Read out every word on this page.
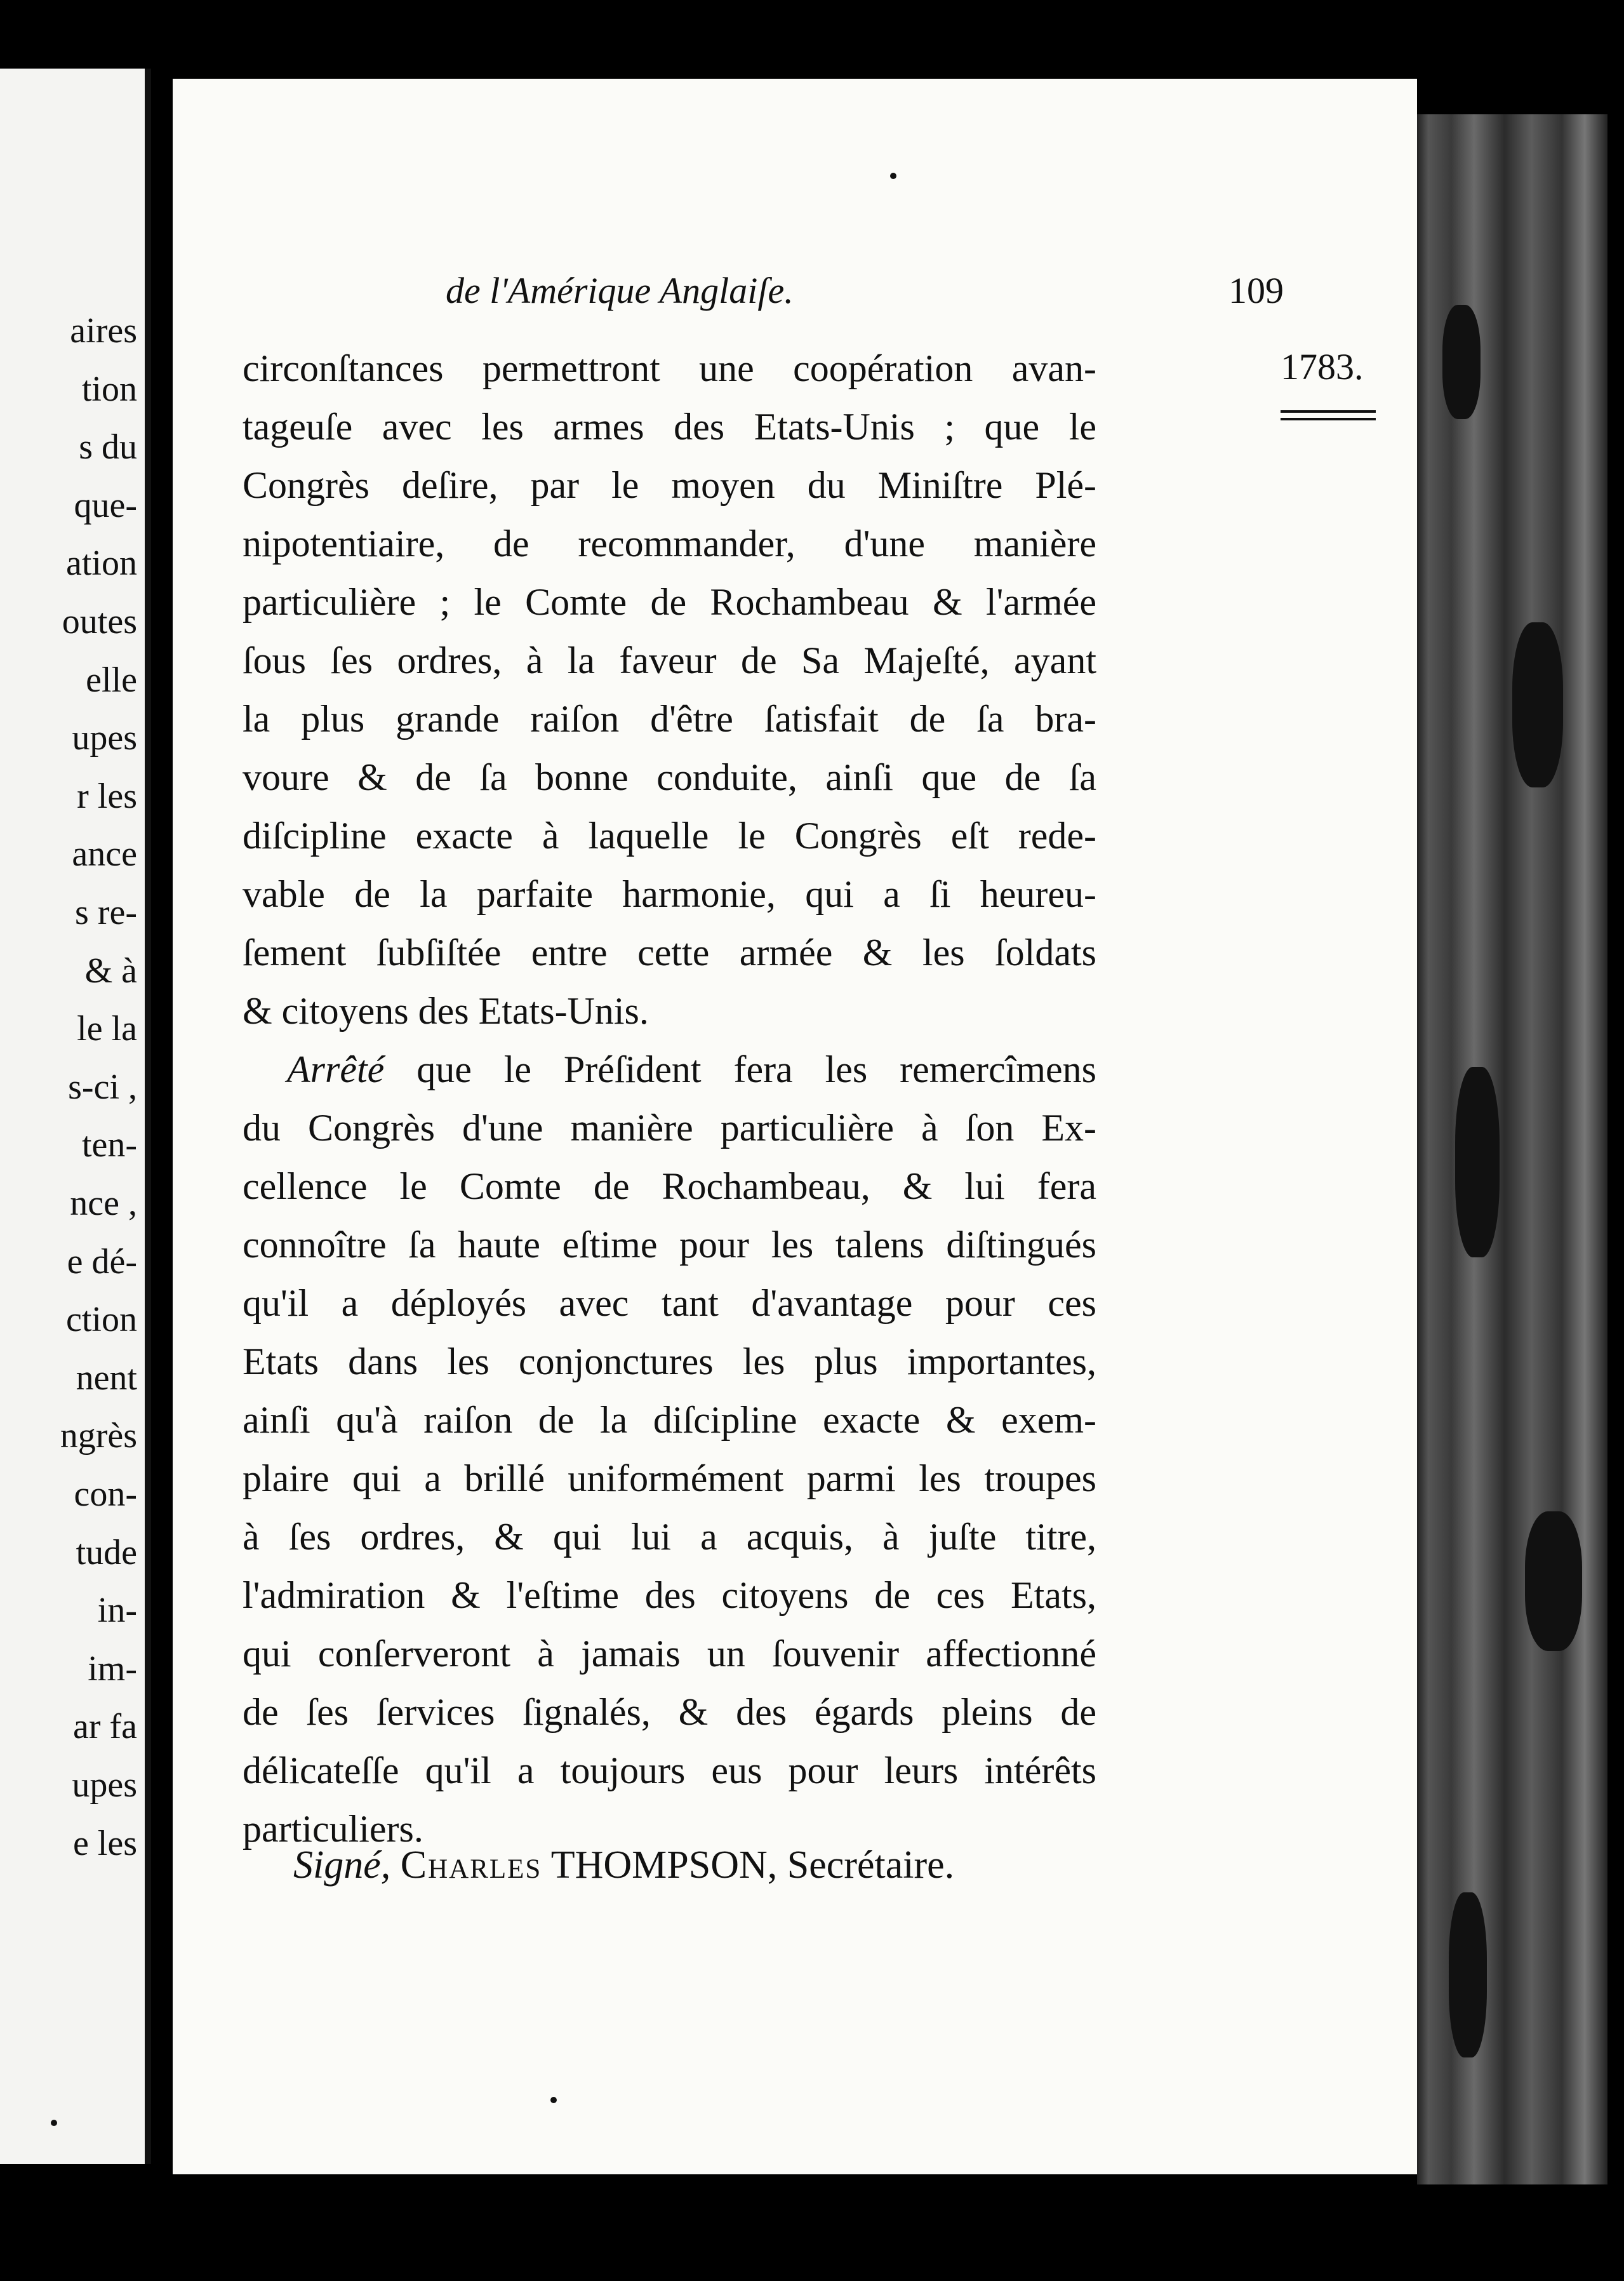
aires
tion
s du
que-
ation
outes
elle
upes
r les
ance
s re-
& à
le la
s-ci ,
ten-
nce ,
e dé-
ction
nent
ngrès
con-
tude
in-
im-
ar fa
upes
e les
de l'Amérique Anglaiſe.	109
1783.
circonſtances permettront une coopération avan-
tageuſe avec les armes des Etats-Unis ; que le
Congrès deſire, par le moyen du Miniſtre Plé-
nipotentiaire, de recommander, d'une manière
particulière ; le Comte de Rochambeau & l'armée
ſous ſes ordres, à la faveur de Sa Majeſté, ayant
la plus grande raiſon d'être ſatisfait de ſa bra-
voure & de ſa bonne conduite, ainſi que de ſa
diſcipline exacte à laquelle le Congrès eſt rede-
vable de la parfaite harmonie, qui a ſi heureu-
ſement ſubſiſtée entre cette armée & les ſoldats
& citoyens des Etats-Unis.
Arrêté que le Préſident fera les remercîmens
du Congrès d'une manière particulière à ſon Ex-
cellence le Comte de Rochambeau, & lui fera
connoître ſa haute eſtime pour les talens diſtingués
qu'il a déployés avec tant d'avantage pour ces
Etats dans les conjonctures les plus importantes,
ainſi qu'à raiſon de la diſcipline exacte & exem-
plaire qui a brillé uniformément parmi les troupes
à ſes ordres, & qui lui a acquis, à juſte titre,
l'admiration & l'eſtime des citoyens de ces Etats,
qui conſerveront à jamais un ſouvenir affectionné
de ſes ſervices ſignalés, & des égards pleins de
délicateſſe qu'il a toujours eus pour leurs intérêts
particuliers.
Signé, Charles THOMPSON, Secrétaire.
